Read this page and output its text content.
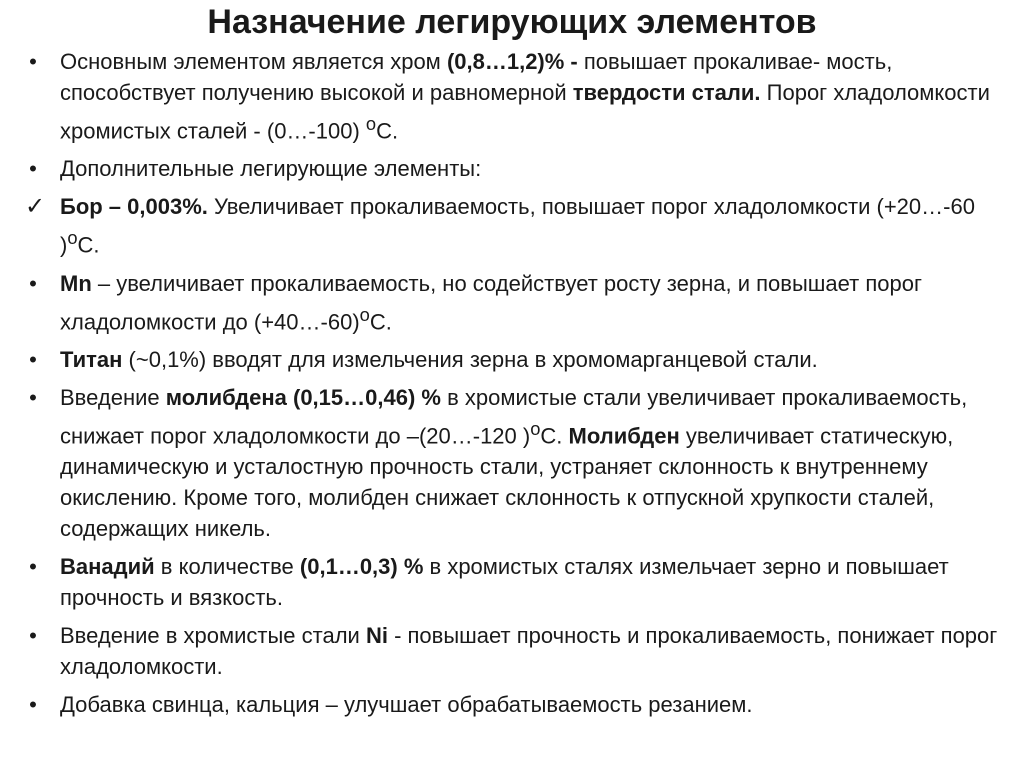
Назначение легирующих элементов
•	Основным элементом является хром (0,8…1,2)% - повышает прокаливае- мость, способствует получению высокой и равномерной твердости стали. Порог хладоломкости хромистых сталей - (0…-100) $^o$C.
•	Дополнительные легирующие элементы:
✓ Бор – 0,003%. Увеличивает прокаливаемость, повышает порог хладоломкости (+20…-60 )$^o$C.
•	Mn – увеличивает прокаливаемость, но содействует росту зерна, и повышает порог хладоломкости до (+40…-60)$^o$C.
•	Титан (~0,1%) вводят для измельчения зерна в хромомарганцевой стали.
•	Введение молибдена (0,15…0,46) % в хромистые стали увеличивает прокаливаемость, снижает порог хладоломкости до –(20…-120 )$^o$C. Молибден увеличивает статическую, динамическую и усталостную прочность стали, устраняет склонность к внутреннему окислению. Кроме того, молибден снижает склонность к отпускной хрупкости сталей, содержащих никель.
•	Ванадий в количестве (0,1…0,3) % в хромистых сталях измельчает зерно и повышает прочность и вязкость.
•	Введение в хромистые стали Ni - повышает прочность и прокаливаемость, понижает порог хладоломкости.
•	Добавка свинца, кальция – улучшает обрабатываемость резанием.
